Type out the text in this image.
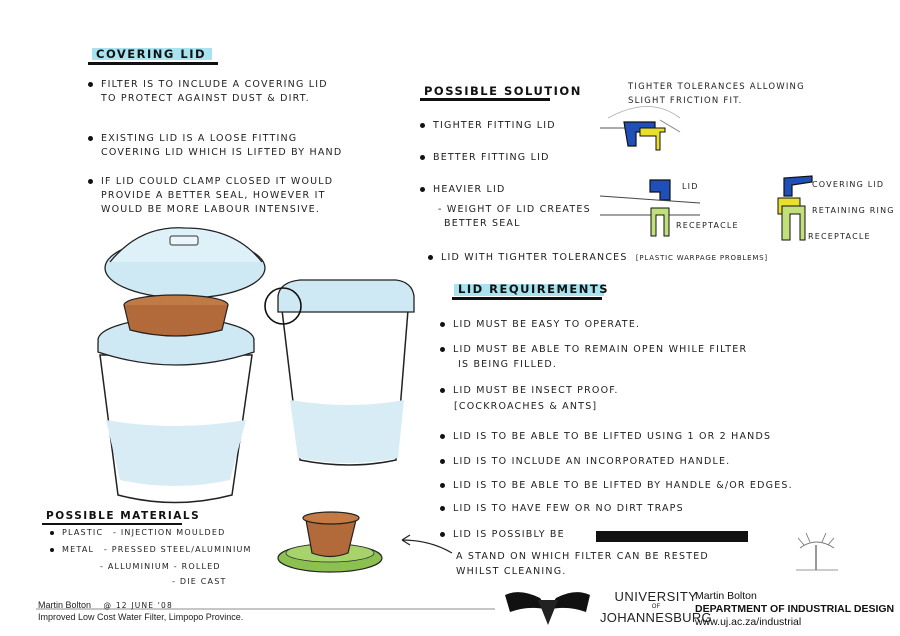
COVERING LID
FILTER IS TO INCLUDE A COVERING LID
TO PROTECT AGAINST DUST & DIRT.
EXISTING LID IS A LOOSE FITTING
COVERING LID WHICH IS LIFTED BY HAND
IF LID COULD CLAMP CLOSED IT WOULD
PROVIDE A BETTER SEAL, HOWEVER IT
WOULD BE MORE LABOUR INTENSIVE.
POSSIBLE SOLUTION
TIGHTER FITTING LID
BETTER FITTING LID
HEAVIER LID
- WEIGHT OF LID CREATES
BETTER SEAL
LID WITH TIGHTER TOLERANCES [PLASTIC WARPAGE PROBLEMS]
TIGHTER TOLERANCES ALLOWING
SLIGHT FRICTION FIT.
LID
RECEPTACLE
COVERING LID
RETAINING RING
RECEPTACLE
LID REQUIREMENTS
LID MUST BE EASY TO OPERATE.
LID MUST BE ABLE TO REMAIN OPEN WHILE FILTER
IS BEING FILLED.
LID MUST BE INSECT PROOF.
[COCKROACHES & ANTS]
LID IS TO BE ABLE TO BE LIFTED USING 1 OR 2 HANDS
LID IS TO INCLUDE AN INCORPORATED HANDLE.
LID IS TO BE ABLE TO BE LIFTED BY HANDLE &/OR EDGES.
LID IS TO HAVE FEW OR NO DIRT TRAPS
LID IS POSSIBLY BE
A STAND ON WHICH FILTER CAN BE RESTED
WHILST CLEANING.
POSSIBLE MATERIALS
PLASTIC - INJECTION MOULDED
METAL - PRESSED STEEL/ALUMINIUM
- ALLUMINIUM - ROLLED
- DIE CAST
Martin Bolton @ 12 JUNE '08
Improved Low Cost Water Filter, Limpopo Province.
UNIVERSITY
OF
JOHANNESBURG
Martin Bolton
DEPARTMENT OF INDUSTRIAL DESIGN
www.uj.ac.za/industrial
